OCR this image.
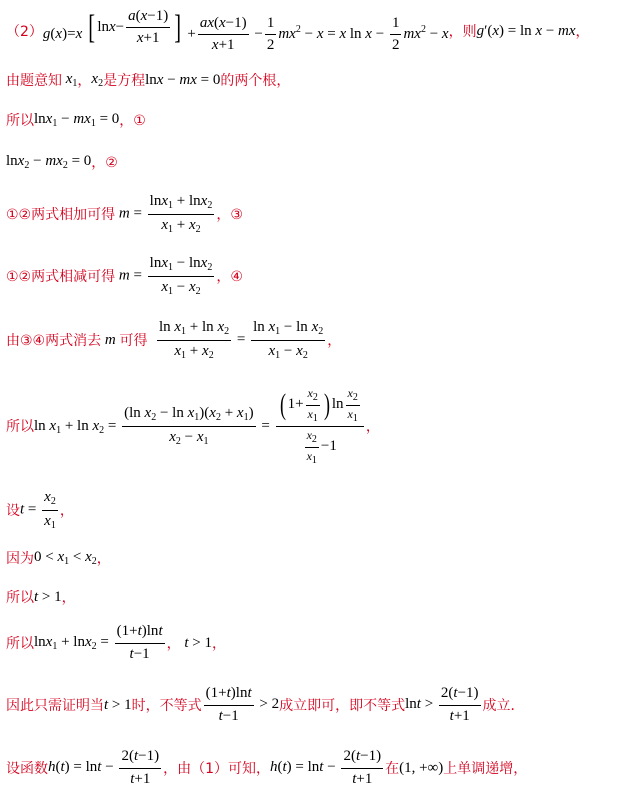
（2） g(x)=x [ $\ln x - \frac{a(x-1)}{x+1}$ ] + $\frac{ax(x-1)}{x+1} - \frac{1}{2} mx^2 - x = x$ $\ln x - \frac{1}{2} mx^2 - x$ ，则 g′(x) = ln x − mx ，
由题意知 $x_1$ ， $x_2$ 是方程 lnx − mx = 0 的两个根，
所以 $\ln x_1 - mx_1 = 0$ ，①
$\ln x_2 - mx_2 = 0$ ，②
①②两式相加可得 $m = \frac{\ln x_1 + \ln x_2}{x_1 + x_2}$ ，③
①②两式相减可得 $m = \frac{\ln x_1 - \ln x_2}{x_1 - x_2}$ ，④
由③④两式消去 m 可得
$\frac{\ln x_1 + \ln x_2}{x_1 + x_2} = \frac{\ln x_1 - \ln x_2}{x_1 - x_2}$ ，
所以 $\ln x_1 + \ln x_2 = \frac{(\ln x_2 - \ln x_1)(x_2 + x_1)}{x_2 - x_1} = \frac{( 1+ \frac{x_2}{x_1} ) \ln \frac{x_2}{x_1}}{\frac{x_2}{x_1} -1}$ ，
设 $t = \frac{x_2}{x_1}$ ，
因为 $0 < x_1 < x_2$ ，
所以 t > 1 ，
所以 $\ln x_1 + \ln x_2 = \frac{(1+t)\ln t}{t-1}$ ， t > 1 ，
因此只需证明当 t > 1 时，不等式 $\frac{(1+t)\ln t}{t-1} > 2$ 成立即可，即不等式 $\ln t > \frac{2(t-1)}{t+1}$ 成立．
设函数 $h(t) = \ln t - \frac{2(t-1)}{t+1}$ ，由（1）可知， $h(t) = \ln t - \frac{2(t-1)}{t+1}$ 在 (1, +∞) 上单调递增，
